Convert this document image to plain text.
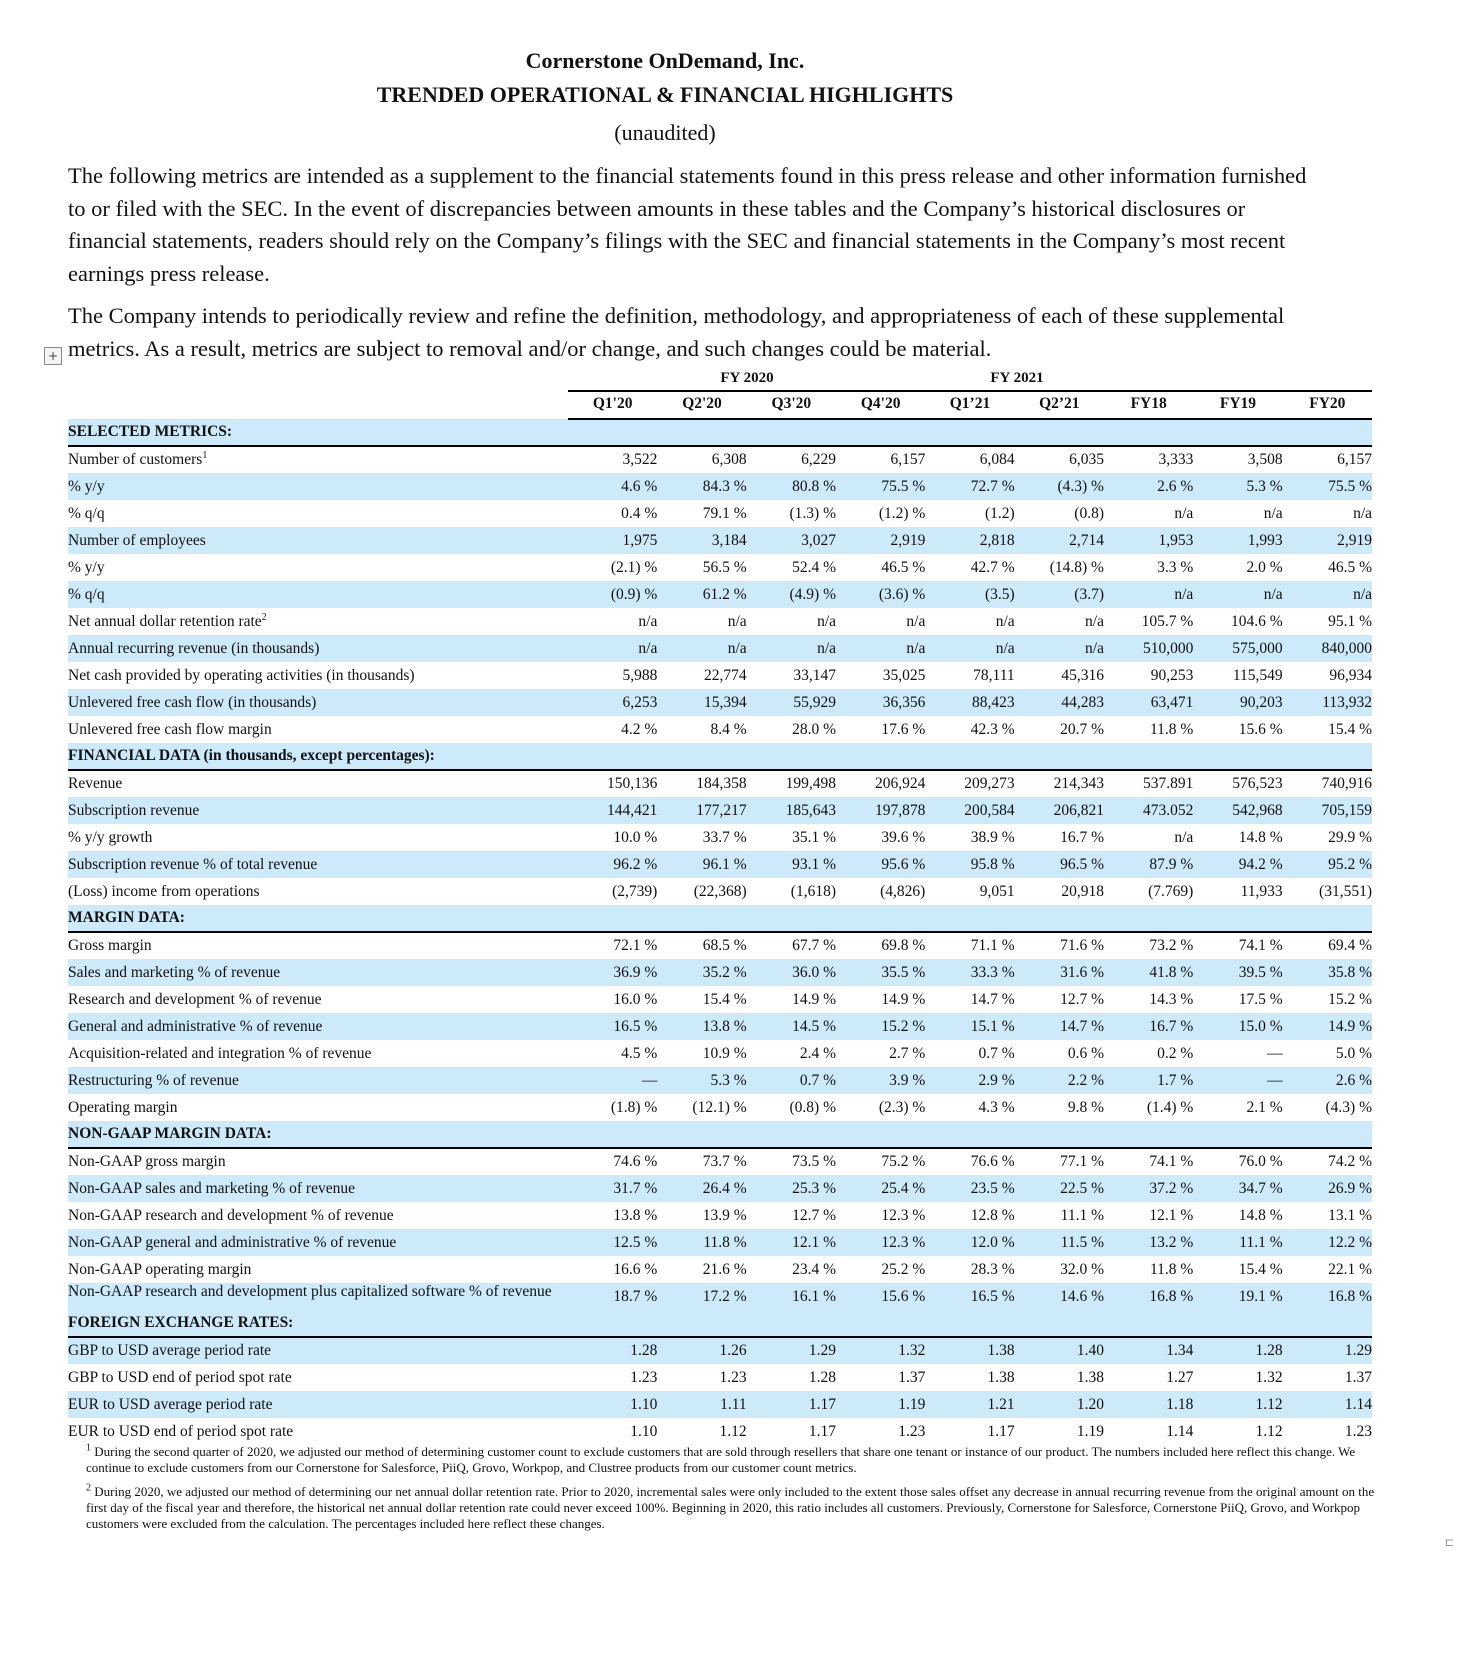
Cornerstone OnDemand, Inc.
TRENDED OPERATIONAL & FINANCIAL HIGHLIGHTS
(unaudited)

The following metrics are intended as a supplement to the financial statements found in this press release and other information furnished to or filed with the SEC. In the event of discrepancies between amounts in these tables and the Company’s historical disclosures or financial statements, readers should rely on the Company’s filings with the SEC and financial statements in the Company’s most recent earnings press release.

The Company intends to periodically review and refine the definition, methodology, and appropriateness of each of these supplemental metrics. As a result, metrics are subject to removal and/or change, and such changes could be material.

+
FY 2020	FY 2021
	Q1'20	Q2'20	Q3'20	Q4'20	Q1’21	Q2’21	FY18	FY19	FY20
SELECTED METRICS:									
Number of customers$^1$	3,522	6,308	6,229	6,157	6,084	6,035	3,333	3,508	6,157
% y/y	4.6 %	84.3 %	80.8 %	75.5 %	72.7 %	(4.3) %	2.6 %	5.3 %	75.5 %
% q/q	0.4 %	79.1 %	(1.3) %	(1.2) %	(1.2)	(0.8)	n/a	n/a	n/a
Number of employees	1,975	3,184	3,027	2,919	2,818	2,714	1,953	1,993	2,919
% y/y	(2.1) %	56.5 %	52.4 %	46.5 %	42.7 %	(14.8) %	3.3 %	2.0 %	46.5 %
% q/q	(0.9) %	61.2 %	(4.9) %	(3.6) %	(3.5)	(3.7)	n/a	n/a	n/a
Net annual dollar retention rate$^2$	n/a	n/a	n/a	n/a	n/a	n/a	105.7 %	104.6 %	95.1 %
Annual recurring revenue (in thousands)	n/a	n/a	n/a	n/a	n/a	n/a	510,000	575,000	840,000
Net cash provided by operating activities (in thousands)	5,988	22,774	33,147	35,025	78,111	45,316	90,253	115,549	96,934
Unlevered free cash flow (in thousands)	6,253	15,394	55,929	36,356	88,423	44,283	63,471	90,203	113,932
Unlevered free cash flow margin	4.2 %	8.4 %	28.0 %	17.6 %	42.3 %	20.7 %	11.8 %	15.6 %	15.4 %
FINANCIAL DATA (in thousands, except percentages):									
Revenue	150,136	184,358	199,498	206,924	209,273	214,343	537.891	576,523	740,916
Subscription revenue	144,421	177,217	185,643	197,878	200,584	206,821	473.052	542,968	705,159
% y/y growth	10.0 %	33.7 %	35.1 %	39.6 %	38.9 %	16.7 %	n/a	14.8 %	29.9 %
Subscription revenue % of total revenue	96.2 %	96.1 %	93.1 %	95.6 %	95.8 %	96.5 %	87.9 %	94.2 %	95.2 %
(Loss) income from operations	(2,739)	(22,368)	(1,618)	(4,826)	9,051	20,918	(7.769)	11,933	(31,551)
MARGIN DATA:									
Gross margin	72.1 %	68.5 %	67.7 %	69.8 %	71.1 %	71.6 %	73.2 %	74.1 %	69.4 %
Sales and marketing % of revenue	36.9 %	35.2 %	36.0 %	35.5 %	33.3 %	31.6 %	41.8 %	39.5 %	35.8 %
Research and development % of revenue	16.0 %	15.4 %	14.9 %	14.9 %	14.7 %	12.7 %	14.3 %	17.5 %	15.2 %
General and administrative % of revenue	16.5 %	13.8 %	14.5 %	15.2 %	15.1 %	14.7 %	16.7 %	15.0 %	14.9 %
Acquisition-related and integration % of revenue	4.5 %	10.9 %	2.4 %	2.7 %	0.7 %	0.6 %	0.2 %	—	5.0 %
Restructuring % of revenue	—	5.3 %	0.7 %	3.9 %	2.9 %	2.2 %	1.7 %	—	2.6 %
Operating margin	(1.8) %	(12.1) %	(0.8) %	(2.3) %	4.3 %	9.8 %	(1.4) %	2.1 %	(4.3) %
NON-GAAP MARGIN DATA:									
Non-GAAP gross margin	74.6 %	73.7 %	73.5 %	75.2 %	76.6 %	77.1 %	74.1 %	76.0 %	74.2 %
Non-GAAP sales and marketing % of revenue	31.7 %	26.4 %	25.3 %	25.4 %	23.5 %	22.5 %	37.2 %	34.7 %	26.9 %
Non-GAAP research and development % of revenue	13.8 %	13.9 %	12.7 %	12.3 %	12.8 %	11.1 %	12.1 %	14.8 %	13.1 %
Non-GAAP general and administrative % of revenue	12.5 %	11.8 %	12.1 %	12.3 %	12.0 %	11.5 %	13.2 %	11.1 %	12.2 %
Non-GAAP operating margin	16.6 %	21.6 %	23.4 %	25.2 %	28.3 %	32.0 %	11.8 %	15.4 %	22.1 %

Non-GAAP research and development plus capitalized software % of revenue	18.7 %	17.2 %	16.1 %	15.6 %	16.5 %	14.6 %	16.8 %	19.1 %	16.8 %
FOREIGN EXCHANGE RATES:									
GBP to USD average period rate	1.28	1.26	1.29	1.32	1.38	1.40	1.34	1.28	1.29
GBP to USD end of period spot rate	1.23	1.23	1.28	1.37	1.38	1.38	1.27	1.32	1.37
EUR to USD average period rate	1.10	1.11	1.17	1.19	1.21	1.20	1.18	1.12	1.14
EUR to USD end of period spot rate	1.10	1.12	1.17	1.23	1.17	1.19	1.14	1.12	1.23

$^1$ During the second quarter of 2020, we adjusted our method of determining customer count to exclude customers that are sold through resellers that share one tenant or instance of our product. The numbers included here reflect this change. We continue to exclude customers from our Cornerstone for Salesforce, PiiQ, Grovo, Workpop, and Clustree products from our customer count metrics.

$^2$ During 2020, we adjusted our method of determining our net annual dollar retention rate. Prior to 2020, incremental sales were only included to the extent those sales offset any decrease in annual recurring revenue from the original amount on the first day of the fiscal year and therefore, the historical net annual dollar retention rate could never exceed 100%. Beginning in 2020, this ratio includes all customers. Previously, Cornerstone for Salesforce, Cornerstone PiiQ, Grovo, and Workpop customers were excluded from the calculation. The percentages included here reflect these changes.

⊏
